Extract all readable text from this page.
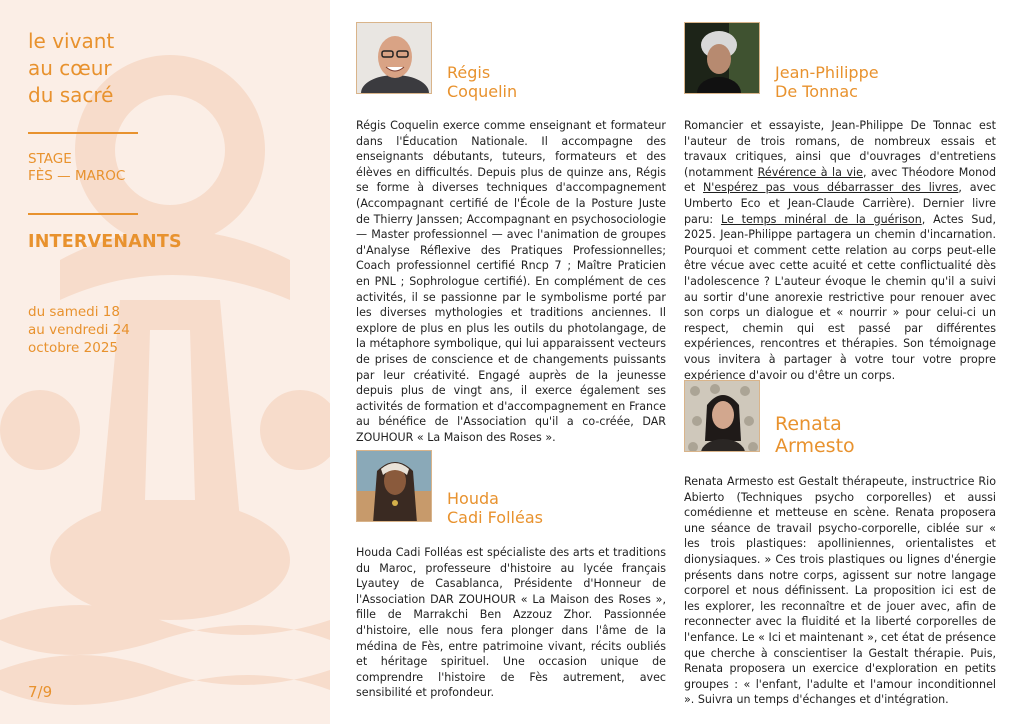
le vivant
au cœur
du sacré
STAGE
FÈS — MAROC
INTERVENANTS
du samedi 18
au vendredi 24
octobre 2025
7/9
Régis
Coquelin
Régis Coquelin exerce comme enseignant et formateur dans l'Éducation Nationale. Il accompagne des enseignants débutants, tuteurs, formateurs et des élèves en difficultés. Depuis plus de quinze ans, Régis se forme à diverses techniques d'accompagnement (Accompagnant certifié de l'École de la Posture Juste de Thierry Janssen; Accompagnant en psychosociologie — Master professionnel — avec l'animation de groupes d'Analyse Réflexive des Pratiques Professionnelles; Coach professionnel certifié Rncp 7 ; Maître Praticien en PNL ; Sophrologue certifié). En complément de ces activités, il se passionne par le symbolisme porté par les diverses mythologies et traditions anciennes. Il explore de plus en plus les outils du photolangage, de la métaphore symbolique, qui lui apparaissent vecteurs de prises de conscience et de changements puissants par leur créativité. Engagé auprès de la jeunesse depuis plus de vingt ans, il exerce également ses activités de formation et d'accompagnement en France au bénéfice de l'Association qu'il a co-créée, DAR ZOUHOUR « La Maison des Roses ».
Houda
Cadi Folléas
Houda Cadi Folléas est spécialiste des arts et traditions du Maroc, professeure d'histoire au lycée français Lyautey de Casablanca, Présidente d'Honneur de l'Association DAR ZOUHOUR « La Maison des Roses », fille de Marrakchi Ben Azzouz Zhor. Passionnée d'histoire, elle nous fera plonger dans l'âme de la médina de Fès, entre patrimoine vivant, récits oubliés et héritage spirituel. Une occasion unique de comprendre l'histoire de Fès autrement, avec sensibilité et profondeur.
Jean-Philippe
De Tonnac
Romancier et essayiste, Jean-Philippe De Tonnac est l'auteur de trois romans, de nombreux essais et travaux critiques, ainsi que d'ouvrages d'entretiens (notamment Révérence à la vie, avec Théodore Monod et N'espérez pas vous débarrasser des livres, avec Umberto Eco et Jean-Claude Carrière). Dernier livre paru: Le temps minéral de la guérison, Actes Sud, 2025. Jean-Philippe partagera un chemin d'incarnation. Pourquoi et comment cette relation au corps peut-elle être vécue avec cette acuité et cette conflictualité dès l'adolescence ? L'auteur évoque le chemin qu'il a suivi au sortir d'une anorexie restrictive pour renouer avec son corps un dialogue et « nourrir » pour celui-ci un respect, chemin qui est passé par différentes expériences, rencontres et thérapies. Son témoignage vous invitera à partager à votre tour votre propre expérience d'avoir ou d'être un corps.
Renata
Armesto
Renata Armesto est Gestalt thérapeute, instructrice Rio Abierto (Techniques psycho corporelles) et aussi comédienne et metteuse en scène. Renata proposera une séance de travail psycho-corporelle, ciblée sur « les trois plastiques: apolliniennes, orientalistes et dionysiaques. » Ces trois plastiques ou lignes d'énergie présents dans notre corps, agissent sur notre langage corporel et nous définissent. La proposition ici est de les explorer, les reconnaître et de jouer avec, afin de reconnecter avec la fluidité et la liberté corporelles de l'enfance. Le « Ici et maintenant », cet état de présence que cherche à conscientiser la Gestalt thérapie. Puis, Renata proposera un exercice d'exploration en petits groupes : « l'enfant, l'adulte et l'amour inconditionnel ». Suivra un temps d'échanges et d'intégration.
